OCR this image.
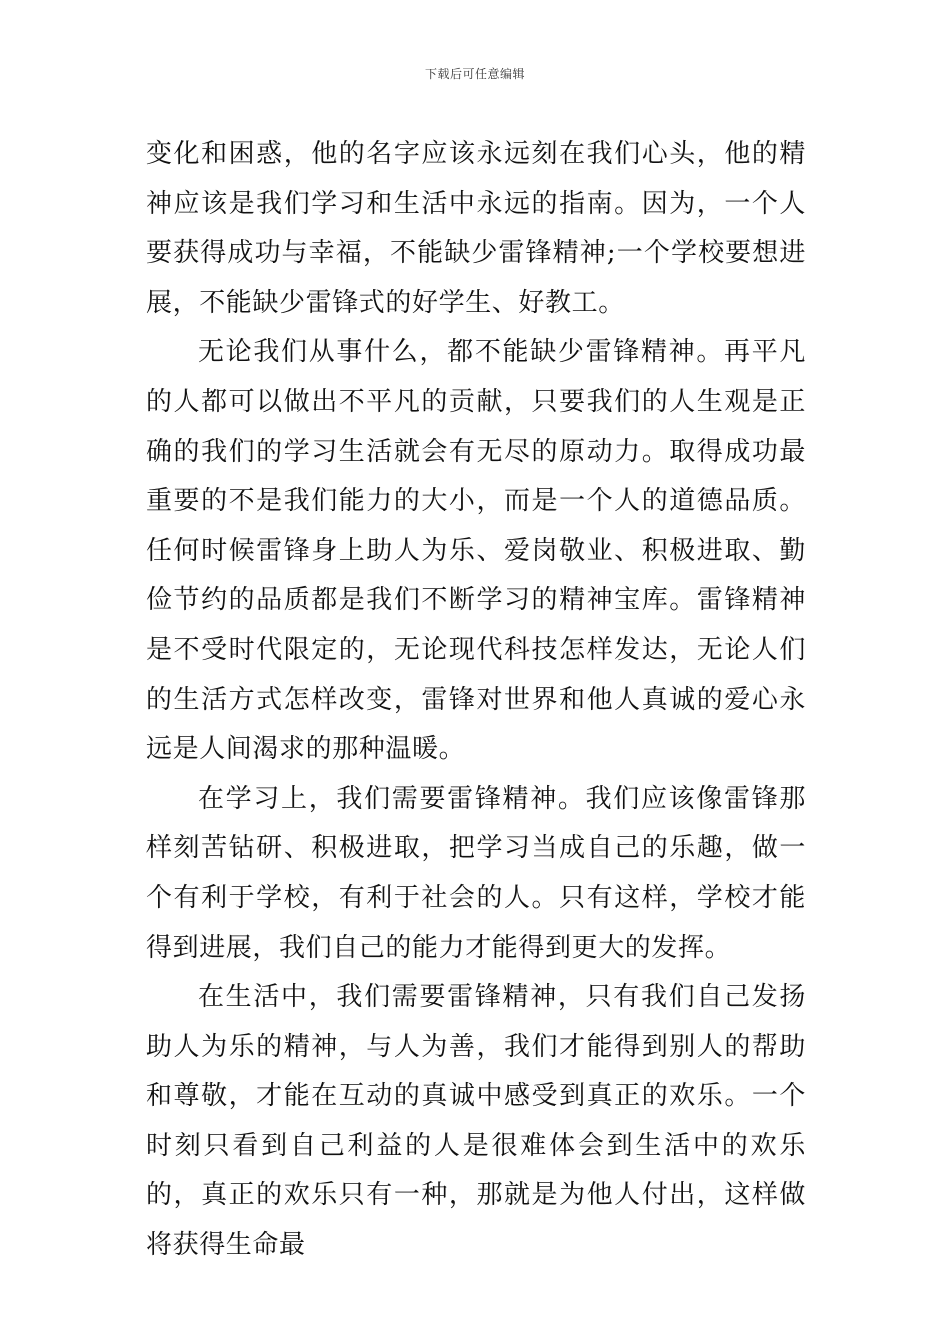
下载后可任意编辑

变化和困惑，他的名字应该永远刻在我们心头，他的精神应该是我们学习和生活中永远的指南。因为，一个人要获得成功与幸福，不能缺少雷锋精神;一个学校要想进展，不能缺少雷锋式的好学生、好教工。

无论我们从事什么，都不能缺少雷锋精神。再平凡的人都可以做出不平凡的贡献，只要我们的人生观是正确的我们的学习生活就会有无尽的原动力。取得成功最重要的不是我们能力的大小，而是一个人的道德品质。任何时候雷锋身上助人为乐、爱岗敬业、积极进取、勤俭节约的品质都是我们不断学习的精神宝库。雷锋精神是不受时代限定的，无论现代科技怎样发达，无论人们的生活方式怎样改变，雷锋对世界和他人真诚的爱心永远是人间渴求的那种温暖。

在学习上，我们需要雷锋精神。我们应该像雷锋那样刻苦钻研、积极进取，把学习当成自己的乐趣，做一个有利于学校，有利于社会的人。只有这样，学校才能得到进展，我们自己的能力才能得到更大的发挥。

在生活中，我们需要雷锋精神，只有我们自己发扬助人为乐的精神，与人为善，我们才能得到别人的帮助和尊敬，才能在互动的真诚中感受到真正的欢乐。一个时刻只看到自己利益的人是很难体会到生活中的欢乐的，真正的欢乐只有一种，那就是为他人付出，这样做将获得生命最
